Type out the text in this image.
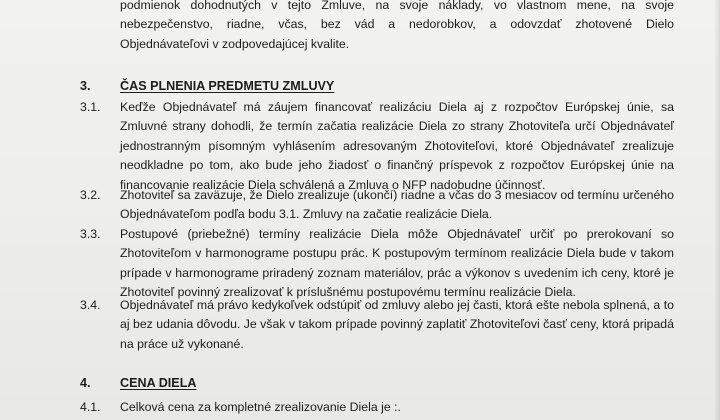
podmienok dohodnutých v tejto Zmluve, na svoje náklady, vo vlastnom mene, na svoje
nebezpečenstvo, riadne, včas, bez vád a nedorobkov, a odovzdať zhotovené Dielo
Objednávateľovi v zodpovedajúcej kvalite.
3. ČAS PLNENIA PREDMETU ZMLUVY
3.1. Keďže Objednávateľ má záujem financovať realizáciu Diela aj z rozpočtov Európskej únie, sa Zmluvné strany dohodli, že termín začatia realizácie Diela zo strany Zhotoviteľa určí Objednávateľ jednostranným písomným vyhlásením adresovaným Zhotoviteľovi, ktoré Objednávateľ zrealizuje neodkladne po tom, ako bude jeho žiadosť o finančný príspevok z rozpočtov Európskej únie na financovanie realizácie Diela schválená a Zmluva o NFP nadobudne účinnosť.
3.2. Zhotoviteľ sa zaväzuje, že Dielo zrealizuje (ukončí) riadne a včas do 3 mesiacov od termínu určeného Objednávateľom podľa bodu 3.1. Zmluvy na začatie realizácie Diela.
3.3. Postupové (priebežné) termíny realizácie Diela môže Objednávateľ určiť po prerokovaní so Zhotoviteľom v harmonograme postupu prác. K postupovým termínom realizácie Diela bude v takom prípade v harmonograme priradený zoznam materiálov, prác a výkonov s uvedením ich ceny, ktoré je Zhotoviteľ povinný zrealizovať k príslušnému postupovému termínu realizácie Diela.
3.4. Objednávateľ má právo kedykoľvek odstúpiť od zmluvy alebo jej časti, ktorá ešte nebola splnená, a to aj bez udania dôvodu. Je však v takom prípade povinný zaplatiť Zhotoviteľovi časť ceny, ktorá pripadá na práce už vykonané.
4. CENA DIELA
4.1. Celková cena za kompletné zrealizovanie Diela je :.
